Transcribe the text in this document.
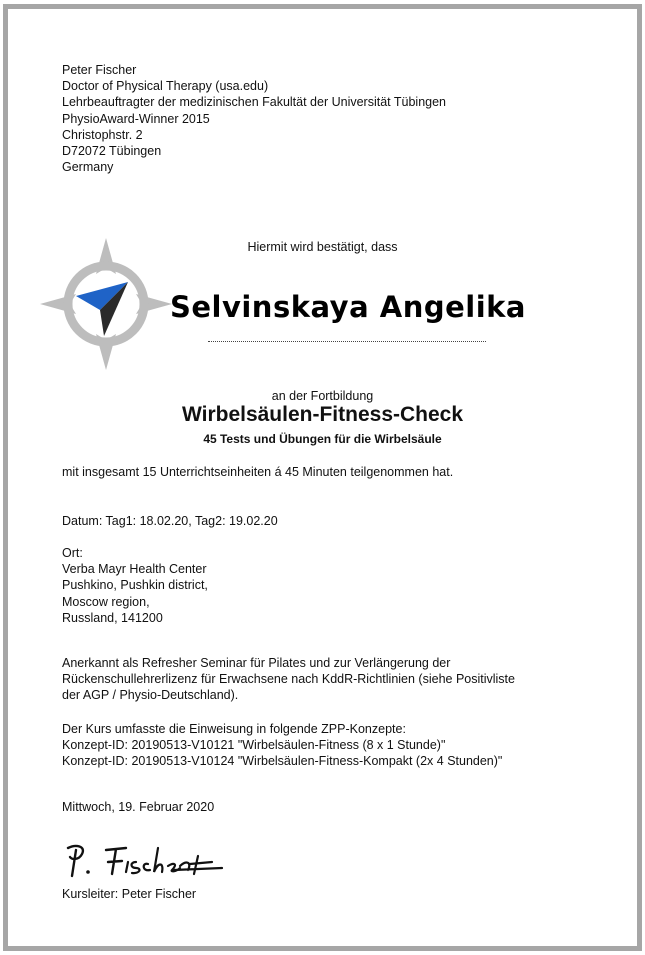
Peter Fischer
Doctor of Physical Therapy (usa.edu)
Lehrbeauftragter der medizinischen Fakultät der Universität Tübingen
PhysioAward-Winner 2015
Christophstr. 2
D72072 Tübingen
Germany
Hiermit wird bestätigt, dass
Selvinskaya Angelika
an der Fortbildung
Wirbelsäulen-Fitness-Check
45 Tests und Übungen für die Wirbelsäule
mit insgesamt 15 Unterrichtseinheiten á 45 Minuten teilgenommen hat.
Datum: Tag1: 18.02.20, Tag2: 19.02.20
Ort:
Verba Mayr Health Center
Pushkino, Pushkin district,
Moscow region,
Russland, 141200
Anerkannt als Refresher Seminar für Pilates und zur Verlängerung der
Rückenschullehrerlizenz für Erwachsene nach KddR-Richtlinien (siehe Positivliste
der AGP / Physio-Deutschland).
Der Kurs umfasste die Einweisung in folgende ZPP-Konzepte:
Konzept-ID: 20190513-V10121 "Wirbelsäulen-Fitness (8 x 1 Stunde)"
Konzept-ID: 20190513-V10124 "Wirbelsäulen-Fitness-Kompakt (2x 4 Stunden)"
Mittwoch, 19. Februar 2020
Kursleiter: Peter Fischer
